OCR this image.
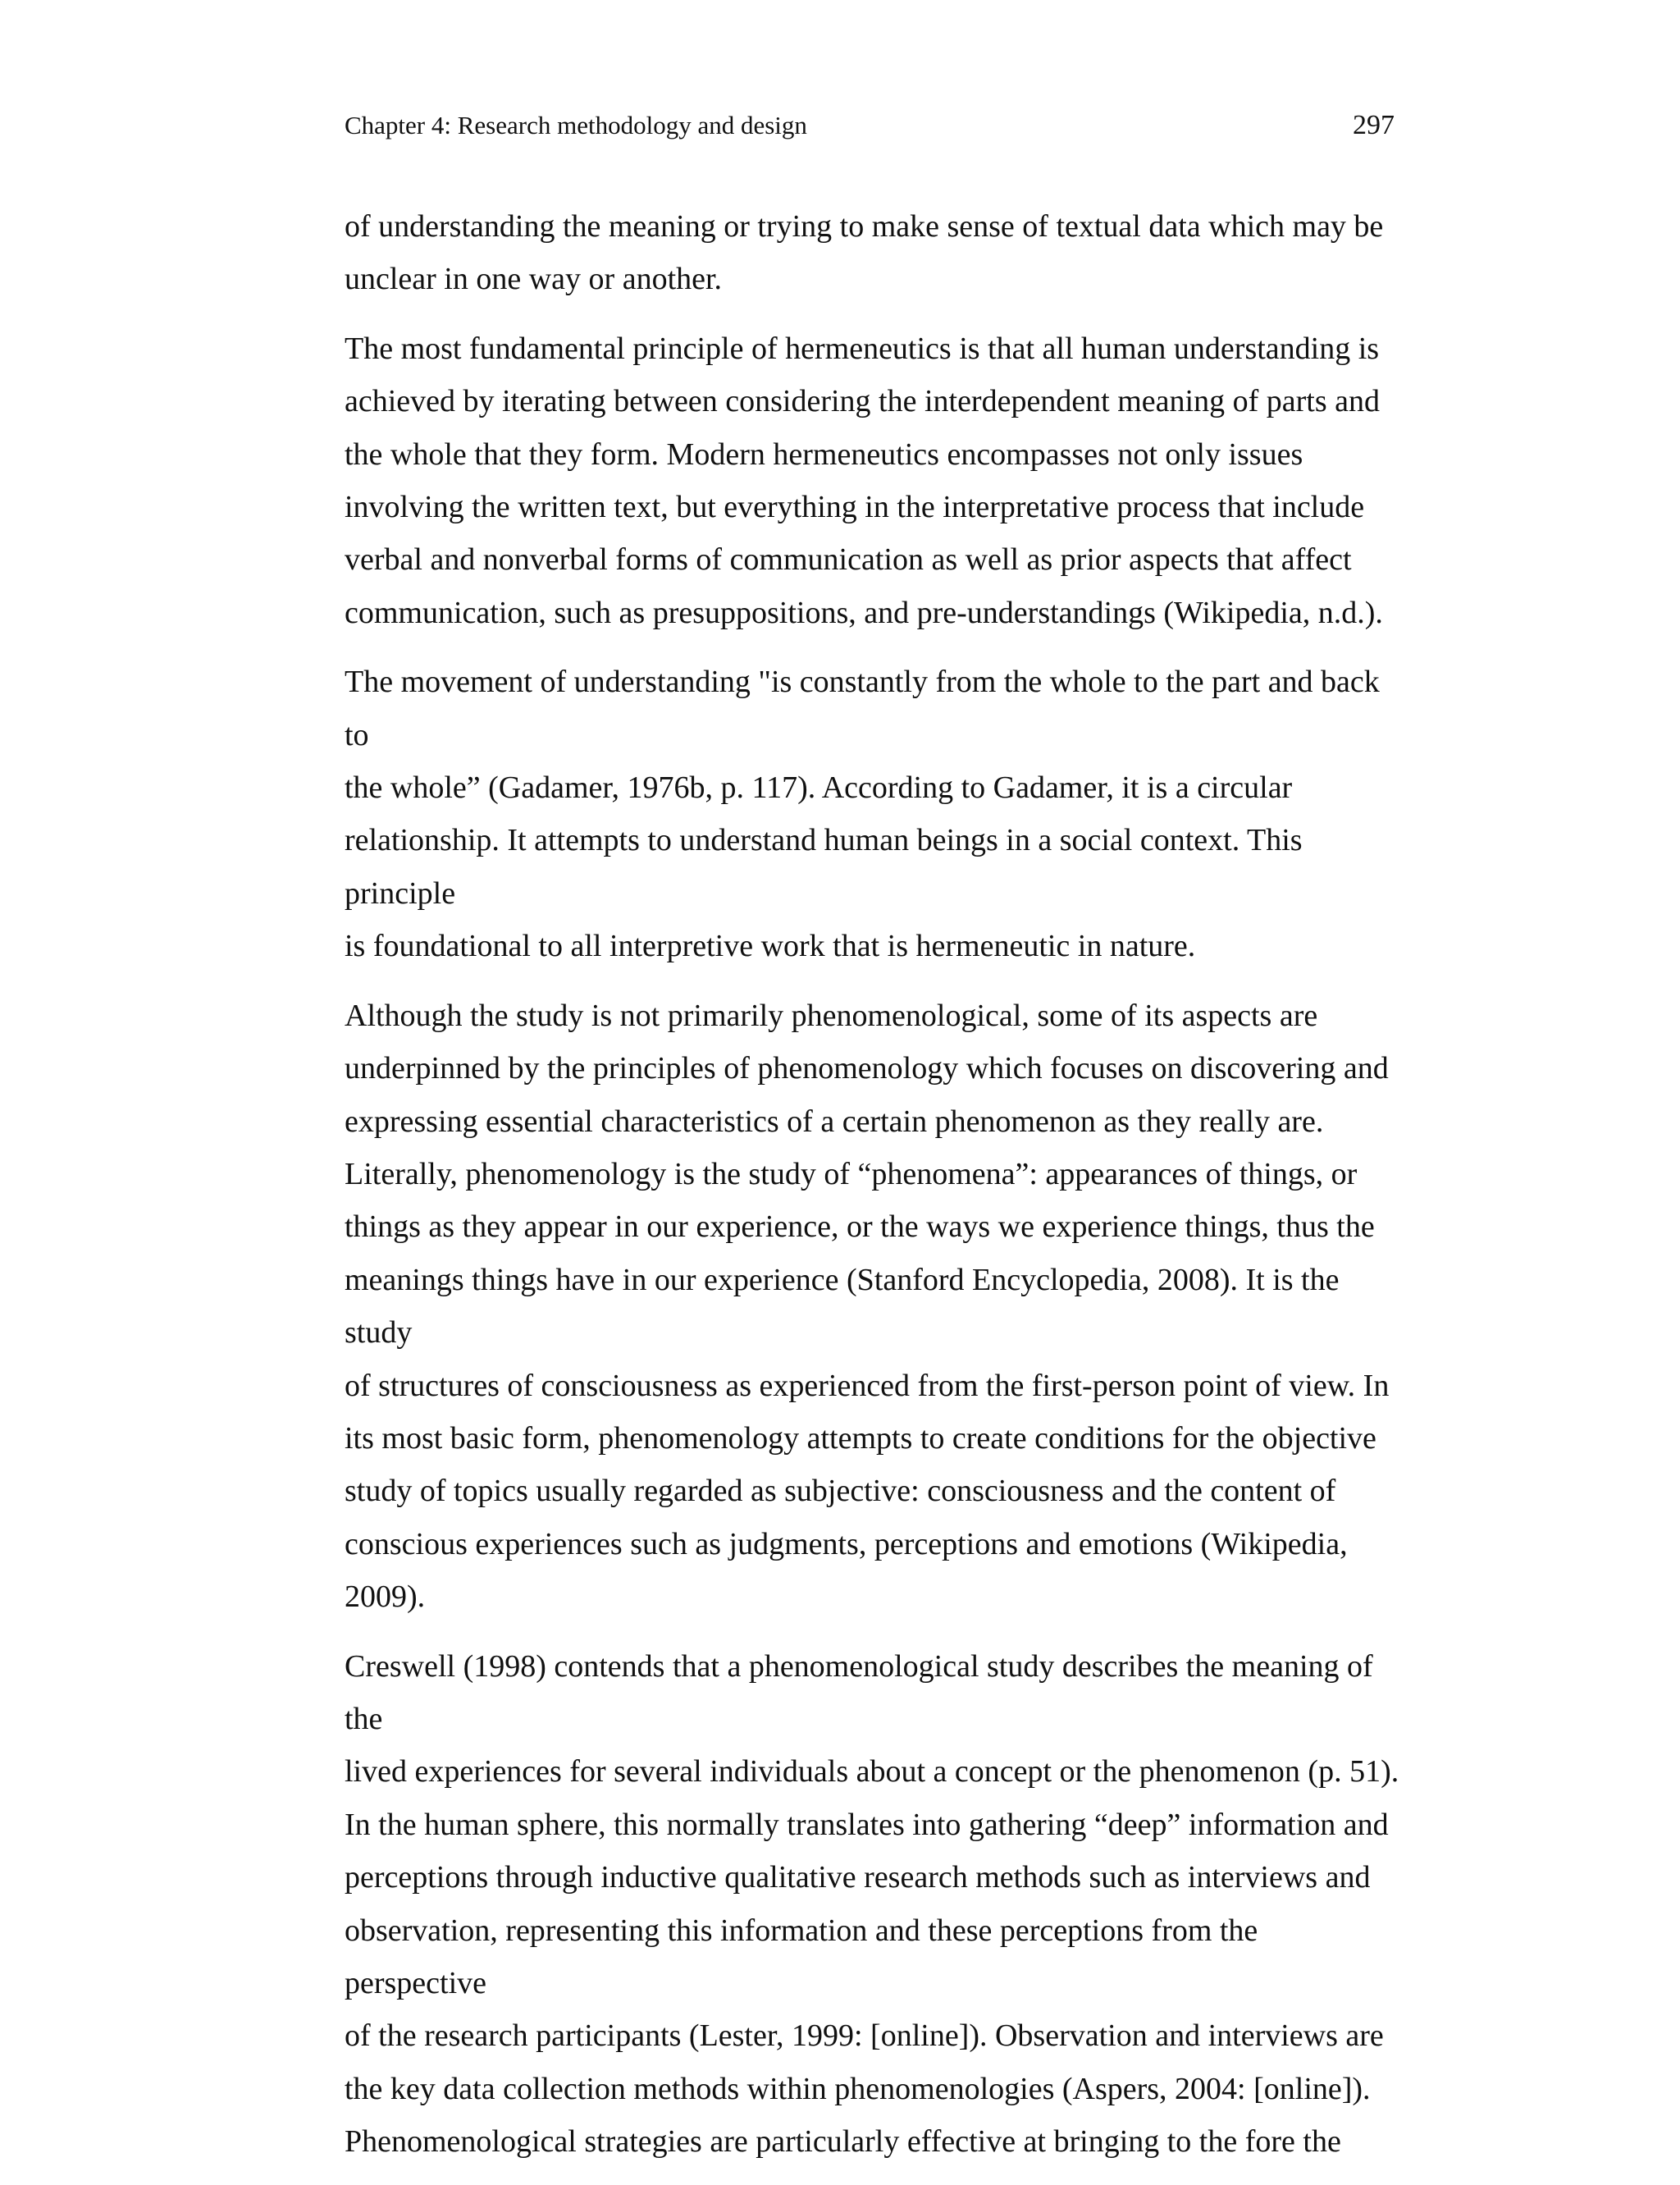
Chapter 4: Research methodology and design	297

of understanding the meaning or trying to make sense of textual data which may be
unclear in one way or another.

The most fundamental principle of hermeneutics is that all human understanding is
achieved by iterating between considering the interdependent meaning of parts and
the whole that they form. Modern hermeneutics encompasses not only issues
involving the written text, but everything in the interpretative process that include
verbal and nonverbal forms of communication as well as prior aspects that affect
communication, such as presuppositions, and pre-understandings (Wikipedia, n.d.).

The movement of understanding "is constantly from the whole to the part and back to
the whole” (Gadamer, 1976b, p. 117). According to Gadamer, it is a circular
relationship. It attempts to understand human beings in a social context. This principle
is foundational to all interpretive work that is hermeneutic in nature.

Although the study is not primarily phenomenological, some of its aspects are
underpinned by the principles of phenomenology which focuses on discovering and
expressing essential characteristics of a certain phenomenon as they really are.
Literally, phenomenology is the study of “phenomena”: appearances of things, or
things as they appear in our experience, or the ways we experience things, thus the
meanings things have in our experience (Stanford Encyclopedia, 2008). It is the study
of structures of consciousness as experienced from the first-person point of view. In
its most basic form, phenomenology attempts to create conditions for the objective
study of topics usually regarded as subjective: consciousness and the content of
conscious experiences such as judgments, perceptions and emotions (Wikipedia,
2009).

Creswell (1998) contends that a phenomenological study describes the meaning of the
lived experiences for several individuals about a concept or the phenomenon (p. 51).
In the human sphere, this normally translates into gathering “deep” information and
perceptions through inductive qualitative research methods such as interviews and
observation, representing this information and these perceptions from the perspective
of the research participants (Lester, 1999: [online]). Observation and interviews are
the key data collection methods within phenomenologies (Aspers, 2004: [online]).
Phenomenological strategies are particularly effective at bringing to the fore the
